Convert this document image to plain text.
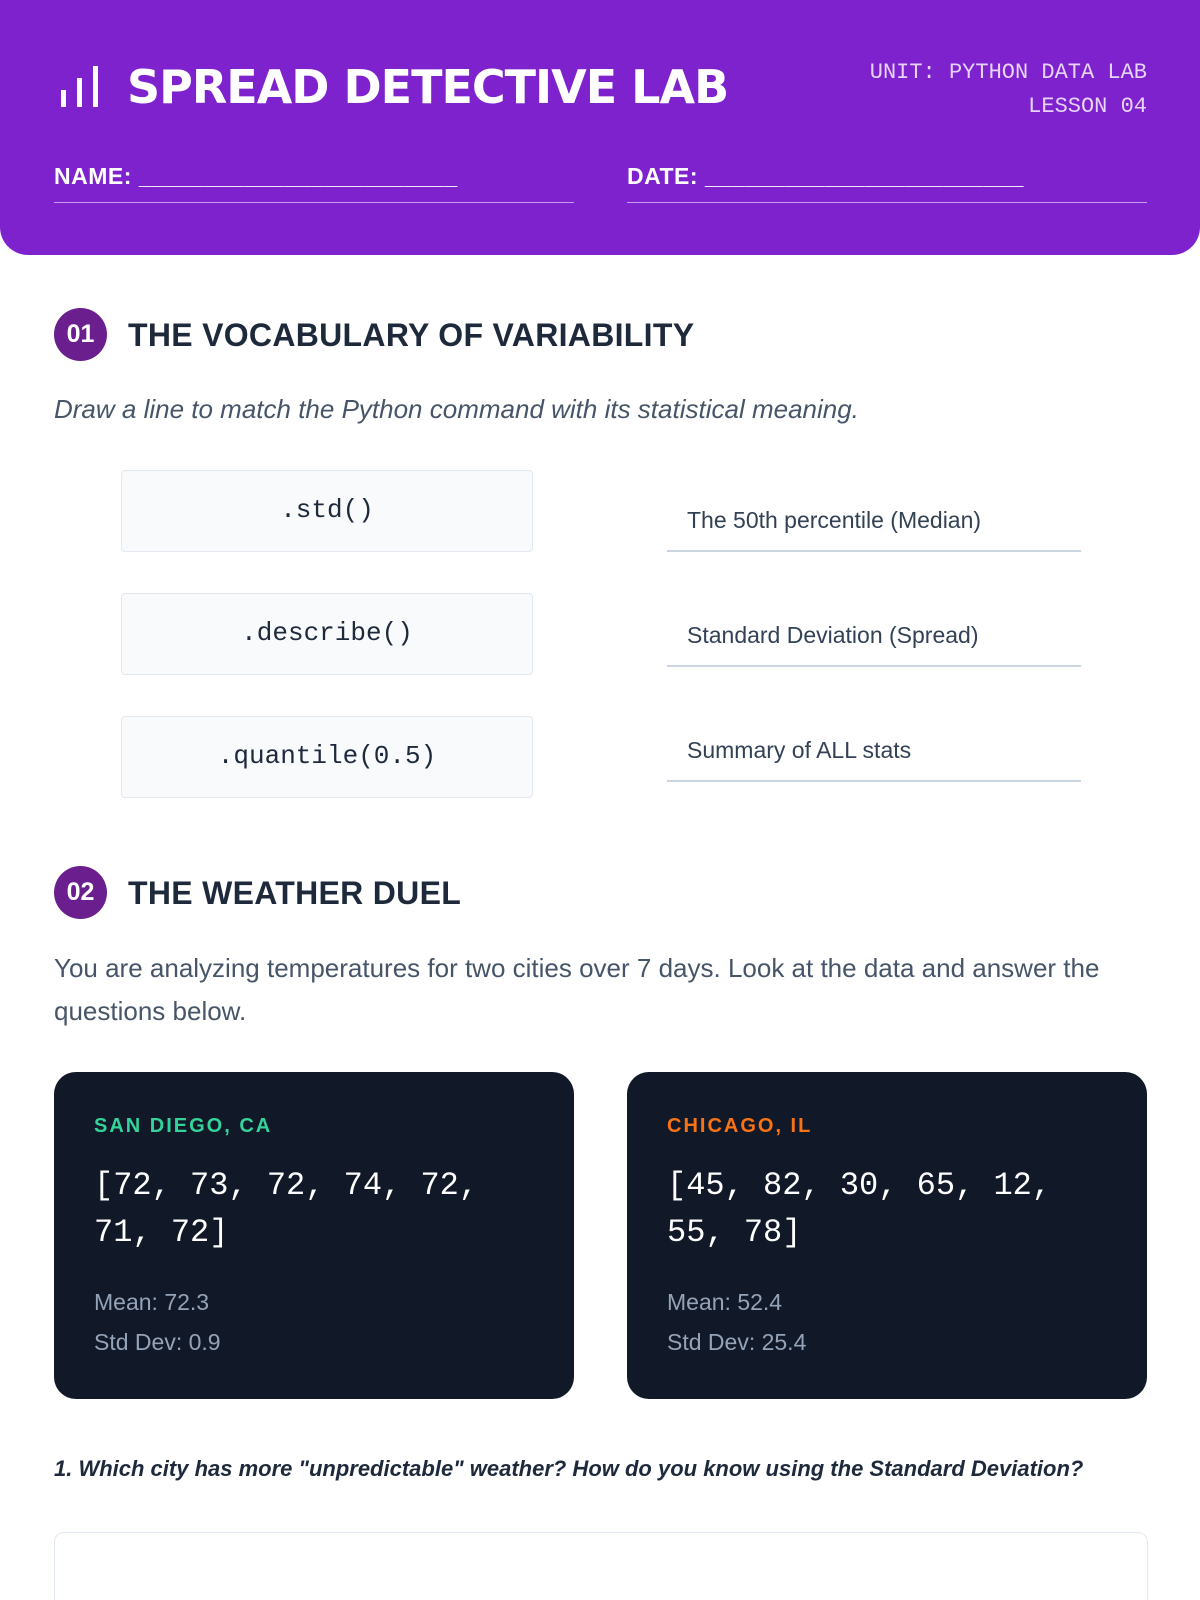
SPREAD DETECTIVE LAB	UNIT: PYTHON DATA LAB
LESSON 04
NAME: ________________________	DATE: ________________________
01	THE VOCABULARY OF VARIABILITY
Draw a line to match the Python command with its statistical meaning.
.std()
.describe()
.quantile(0.5)
The 50th percentile (Median)
Standard Deviation (Spread)
Summary of ALL stats
02	THE WEATHER DUEL
You are analyzing temperatures for two cities over 7 days. Look at the data and answer the questions below.
SAN DIEGO, CA
[72, 73, 72, 74, 72,
71, 72]
Mean: 72.3
Std Dev: 0.9
CHICAGO, IL
[45, 82, 30, 65, 12,
55, 78]
Mean: 52.4
Std Dev: 25.4
1. Which city has more "unpredictable" weather? How do you know using the Standard Deviation?
